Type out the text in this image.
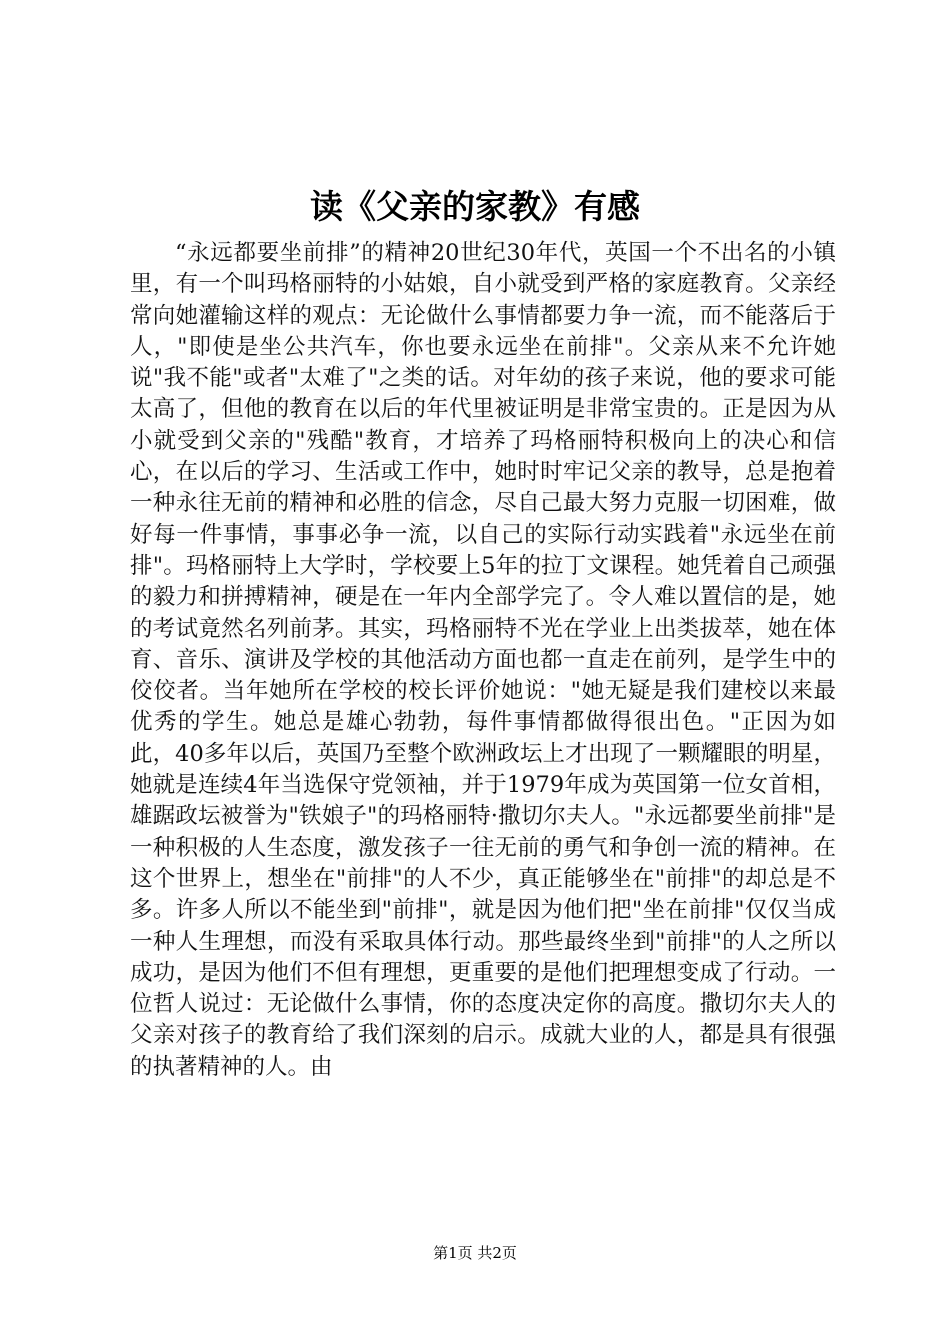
读《父亲的家教》有感

“永远都要坐前排”的精神20世纪30年代，英国一个不出名的小镇里，有一个叫玛格丽特的小姑娘，自小就受到严格的家庭教育。父亲经常向她灌输这样的观点：无论做什么事情都要力争一流，而不能落后于人，"即使是坐公共汽车，你也要永远坐在前排"。父亲从来不允许她说"我不能"或者"太难了"之类的话。对年幼的孩子来说，他的要求可能太高了，但他的教育在以后的年代里被证明是非常宝贵的。正是因为从小就受到父亲的"残酷"教育，才培养了玛格丽特积极向上的决心和信心，在以后的学习、生活或工作中，她时时牢记父亲的教导，总是抱着一种永往无前的精神和必胜的信念，尽自己最大努力克服一切困难，做好每一件事情，事事必争一流，以自己的实际行动实践着"永远坐在前排"。玛格丽特上大学时，学校要上5年的拉丁文课程。她凭着自己顽强的毅力和拼搏精神，硬是在一年内全部学完了。令人难以置信的是，她的考试竟然名列前茅。其实，玛格丽特不光在学业上出类拔萃，她在体育、音乐、演讲及学校的其他活动方面也都一直走在前列，是学生中的佼佼者。当年她所在学校的校长评价她说："她无疑是我们建校以来最优秀的学生。她总是雄心勃勃，每件事情都做得很出色。"正因为如此，40多年以后，英国乃至整个欧洲政坛上才出现了一颗耀眼的明星，她就是连续4年当选保守党领袖，并于1979年成为英国第一位女首相，雄踞政坛被誉为"铁娘子"的玛格丽特·撒切尔夫人。"永远都要坐前排"是一种积极的人生态度，激发孩子一往无前的勇气和争创一流的精神。在这个世界上，想坐在"前排"的人不少，真正能够坐在"前排"的却总是不多。许多人所以不能坐到"前排"，就是因为他们把"坐在前排"仅仅当成一种人生理想，而没有采取具体行动。那些最终坐到"前排"的人之所以成功，是因为他们不但有理想，更重要的是他们把理想变成了行动。一位哲人说过：无论做什么事情，你的态度决定你的高度。撒切尔夫人的父亲对孩子的教育给了我们深刻的启示。成就大业的人，都是具有很强的执著精神的人。由

第1页 共2页
